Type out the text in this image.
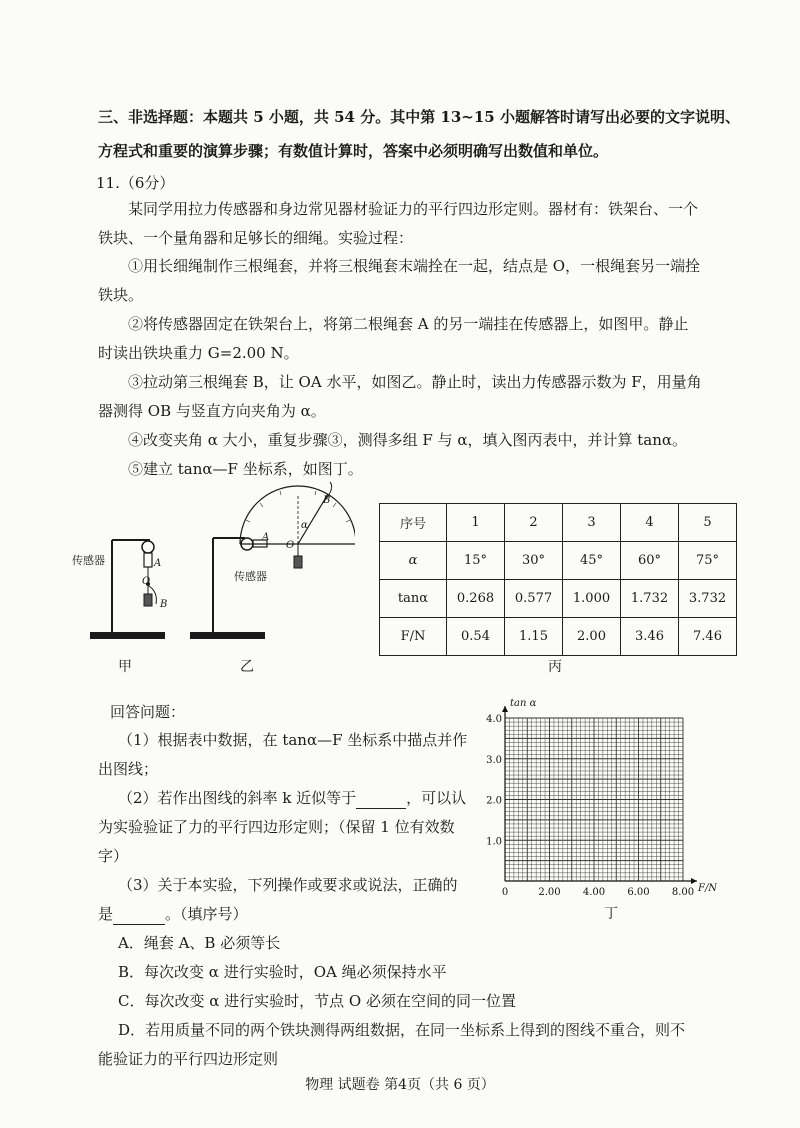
三、非选择题：本题共 5 小题，共 54 分。其中第 13~15 小题解答时请写出必要的文字说明、
方程式和重要的演算步骤；有数值计算时，答案中必须明确写出数值和单位。
11.（6分）
某同学用拉力传感器和身边常见器材验证力的平行四边形定则。器材有：铁架台、一个
铁块、一个量角器和足够长的细绳。实验过程：
①用长细绳制作三根绳套，并将三根绳套末端拴在一起，结点是 O，一根绳套另一端拴
铁块。
②将传感器固定在铁架台上，将第二根绳套 A 的另一端挂在传感器上，如图甲。静止
时读出铁块重力 G=2.00 N。
③拉动第三根绳套 B，让 OA 水平，如图乙。静止时，读出力传感器示数为 F，用量角
器测得 OB 与竖直方向夹角为 α。
④改变夹角 α 大小，重复步骤③，测得多组 F 与 α，填入图丙表中，并计算 tanα。
⑤建立 tanα—F 坐标系，如图丁。
传感器	A
O
B
甲
传感器
A
O
α
B
乙
序号	1	2	3	4	5
α	15°	30°	45°	60°	75°
tanα	0.268	0.577	1.000	1.732	3.732
F/N	0.54	1.15	2.00	3.46	7.46
丙
回答问题：
（1）根据表中数据，在 tanα—F 坐标系中描点并作
出图线；
（2）若作出图线的斜率 k 近似等于	，可以认
为实验验证了力的平行四边形定则；（保留 1 位有效数
字）
（3）关于本实验，下列操作或要求或说法，正确的
是	。（填序号）
A．绳套 A、B 必须等长
B．每次改变 α 进行实验时，OA 绳必须保持水平
C．每次改变 α 进行实验时，节点 O 必须在空间的同一位置
D．若用质量不同的两个铁块测得两组数据，在同一坐标系上得到的图线不重合，则不
能验证力的平行四边形定则
0	2.00 4.00 6.00 8.00
1.0
2.0
3.0
4.0
tan α
F/N
丁
物理 试题卷 第4页（共 6 页）
